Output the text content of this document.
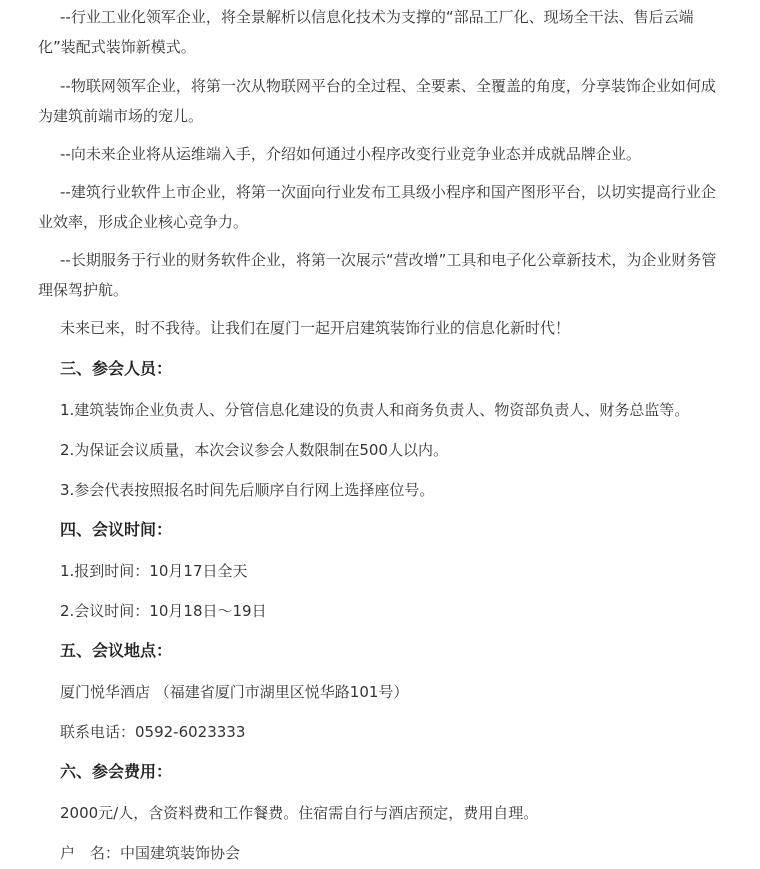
--行业工业化领军企业，将全景解析以信息化技术为支撑的“部品工厂化、现场全干法、售后云端化”装配式装饰新模式。

--物联网领军企业，将第一次从物联网平台的全过程、全要素、全覆盖的角度，分享装饰企业如何成为建筑前端市场的宠儿。

--向未来企业将从运维端入手，介绍如何通过小程序改变行业竞争业态并成就品牌企业。

--建筑行业软件上市企业，将第一次面向行业发布工具级小程序和国产图形平台，以切实提高行业企业效率，形成企业核心竞争力。

--长期服务于行业的财务软件企业，将第一次展示“营改增”工具和电子化公章新技术，为企业财务管理保驾护航。

未来已来，时不我待。让我们在厦门一起开启建筑装饰行业的信息化新时代！

三、参会人员：

1.建筑装饰企业负责人、分管信息化建设的负责人和商务负责人、物资部负责人、财务总监等。

2.为保证会议质量，本次会议参会人数限制在500人以内。

3.参会代表按照报名时间先后顺序自行网上选择座位号。

四、会议时间：

1.报到时间：10月17日全天

2.会议时间：10月18日～19日

五、会议地点：

厦门悦华酒店 （福建省厦门市湖里区悦华路101号）

联系电话：0592-6023333

六、参会费用：

2000元/人，含资料费和工作餐费。住宿需自行与酒店预定，费用自理。

户　名：中国建筑装饰协会
